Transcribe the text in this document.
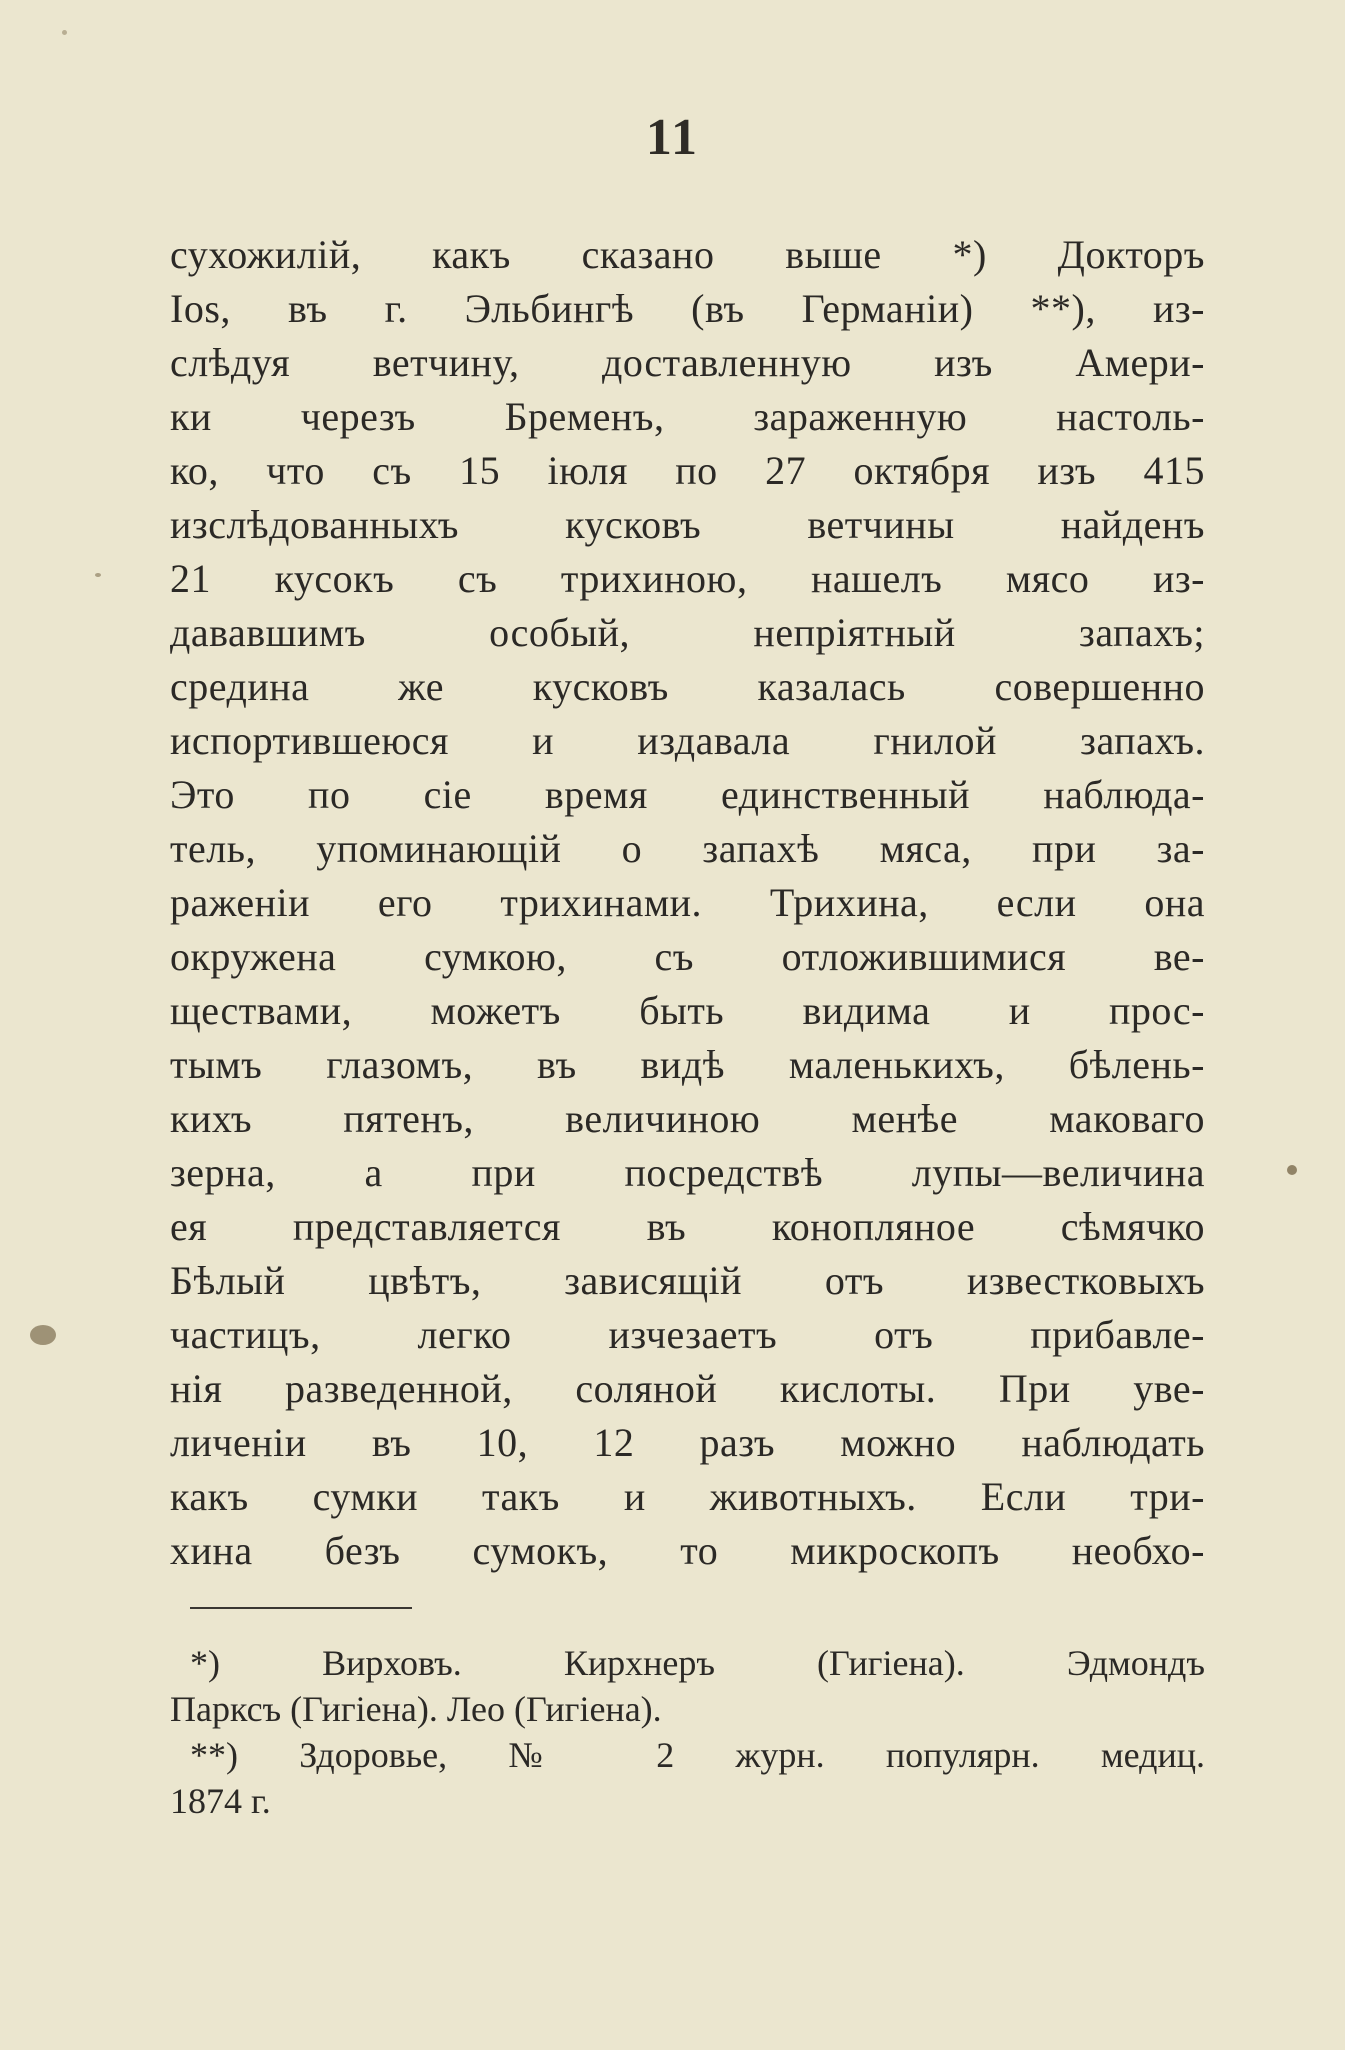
11
сухожилій, какъ сказано выше *) Докторъ
Іоѕ, въ г. Эльбингѣ (въ Германіи) **), из-
слѣдуя ветчину, доставленную изъ Амери-
ки черезъ Бременъ, зараженную настоль-
ко, что съ 15 іюля по 27 октября изъ 415
изслѣдованныхъ кусковъ ветчины найденъ
21 кусокъ съ трихиною, нашелъ мясо из-
дававшимъ особый, непріятный запахъ;
средина же кусковъ казалась совершенно
испортившеюся и издавала гнилой запахъ.
Это по сіе время единственный наблюда-
тель, упоминающій о запахѣ мяса, при за-
раженіи его трихинами. Трихина, если она
окружена сумкою, съ отложившимися ве-
ществами, можетъ быть видима и прос-
тымъ глазомъ, въ видѣ маленькихъ, бѣлень-
кихъ пятенъ, величиною менѣе маковаго
зерна, а при посредствѣ лупы—величина
ея представляется въ конопляное сѣмячко
Бѣлый цвѣтъ, зависящій отъ известковыхъ
частицъ, легко изчезаетъ отъ прибавле-
нія разведенной, соляной кислоты. При уве-
личеніи въ 10, 12 разъ можно наблюдать
какъ сумки такъ и животныхъ. Если три-
хина безъ сумокъ, то микроскопъ необхо-
*) Вирховъ. Кирхнеръ (Гигіена). Эдмондъ
Парксъ (Гигіена). Лео (Гигіена).
**) Здоровье, № 2 журн. популярн. медиц.
1874 г.
